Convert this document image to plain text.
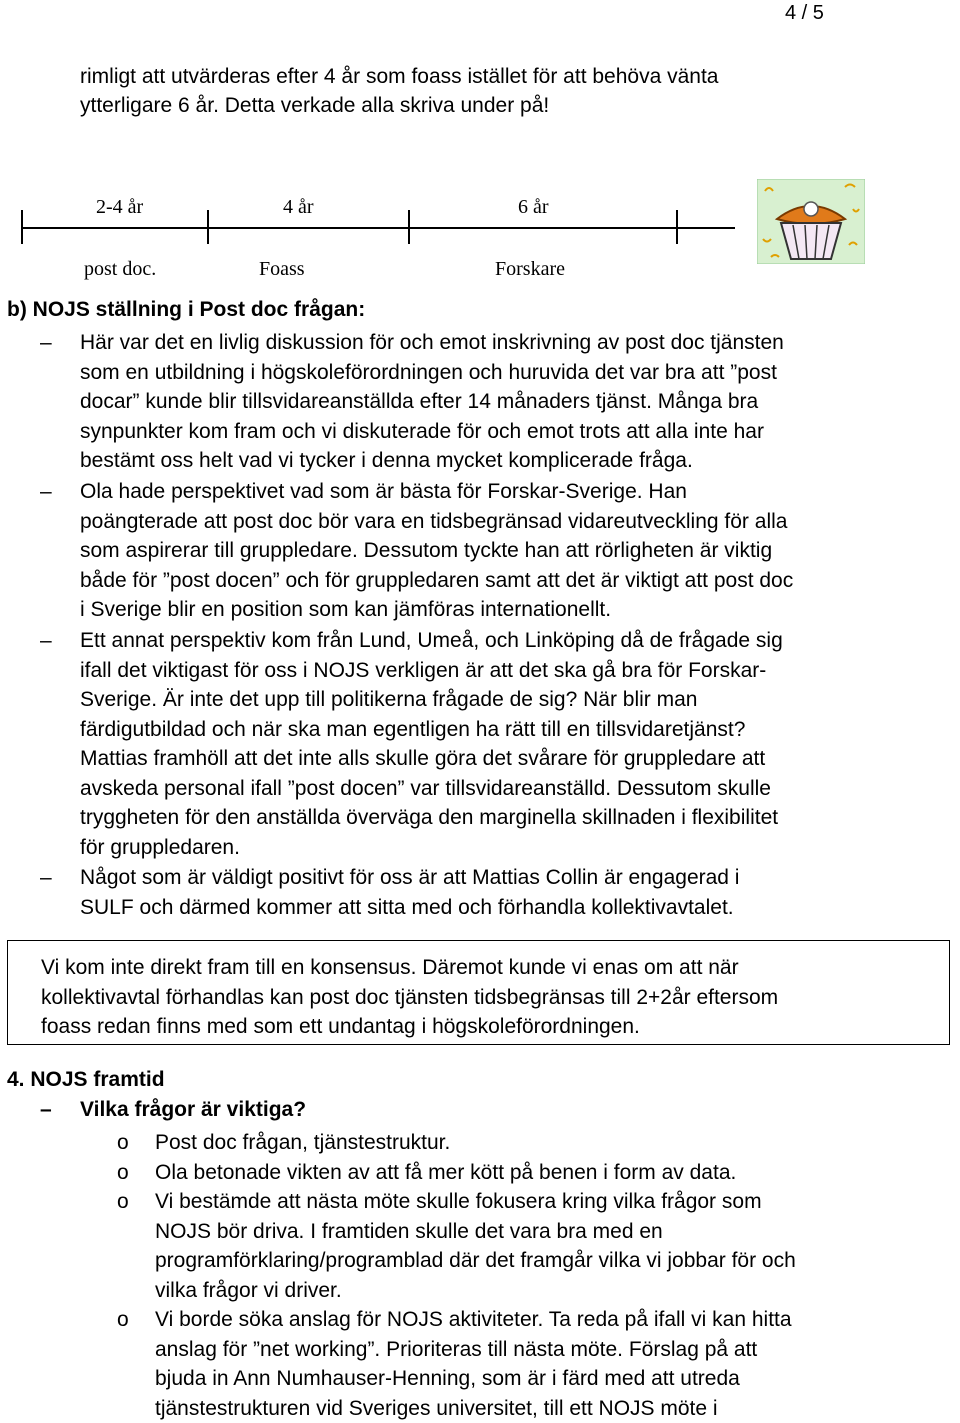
4 / 5
rimligt att utvärderas efter 4 år som foass istället för att behöva vänta
ytterligare 6 år. Detta verkade alla skriva under på!
2-4 år	4 år	6 år
post doc.	Foass	Forskare
b) NOJS ställning i Post doc frågan:
– Här var det en livlig diskussion för och emot inskrivning av post doc tjänsten
som en utbildning i högskoleförordningen och huruvida det var bra att ”post
docar” kunde blir tillsvidareanställda efter 14 månaders tjänst. Många bra
synpunkter kom fram och vi diskuterade för och emot trots att alla inte har
bestämt oss helt vad vi tycker i denna mycket komplicerade fråga.
– Ola hade perspektivet vad som är bästa för Forskar-Sverige. Han
poängterade att post doc bör vara en tidsbegränsad vidareutveckling för alla
som aspirerar till gruppledare. Dessutom tyckte han att rörligheten är viktig
både för ”post docen” och för gruppledaren samt att det är viktigt att post doc
i Sverige blir en position som kan jämföras internationellt.
– Ett annat perspektiv kom från Lund, Umeå, och Linköping då de frågade sig
ifall det viktigast för oss i NOJS verkligen är att det ska gå bra för Forskar-
Sverige. Är inte det upp till politikerna frågade de sig? När blir man
färdigutbildad och när ska man egentligen ha rätt till en tillsvidaretjänst?
Mattias framhöll att det inte alls skulle göra det svårare för gruppledare att
avskeda personal ifall ”post docen” var tillsvidareanställd. Dessutom skulle
tryggheten för den anställda överväga den marginella skillnaden i flexibilitet
för gruppledaren.
– Något som är väldigt positivt för oss är att Mattias Collin är engagerad i
SULF och därmed kommer att sitta med och förhandla kollektivavtalet.
Vi kom inte direkt fram till en konsensus. Däremot kunde vi enas om att när
kollektivavtal förhandlas kan post doc tjänsten tidsbegränsas till 2+2år eftersom
foass redan finns med som ett undantag i högskoleförordningen.
4. NOJS framtid
– Vilka frågor är viktiga?
o Post doc frågan, tjänstestruktur.
o Ola betonade vikten av att få mer kött på benen i form av data.
o Vi bestämde att nästa möte skulle fokusera kring vilka frågor som
NOJS bör driva. I framtiden skulle det vara bra med en
programförklaring/programblad där det framgår vilka vi jobbar för och
vilka frågor vi driver.
o Vi borde söka anslag för NOJS aktiviteter. Ta reda på ifall vi kan hitta
anslag för ”net working”. Prioriteras till nästa möte. Förslag på att
bjuda in Ann Numhauser-Henning, som är i färd med att utreda
tjänstestrukturen vid Sveriges universitet, till ett NOJS möte i
